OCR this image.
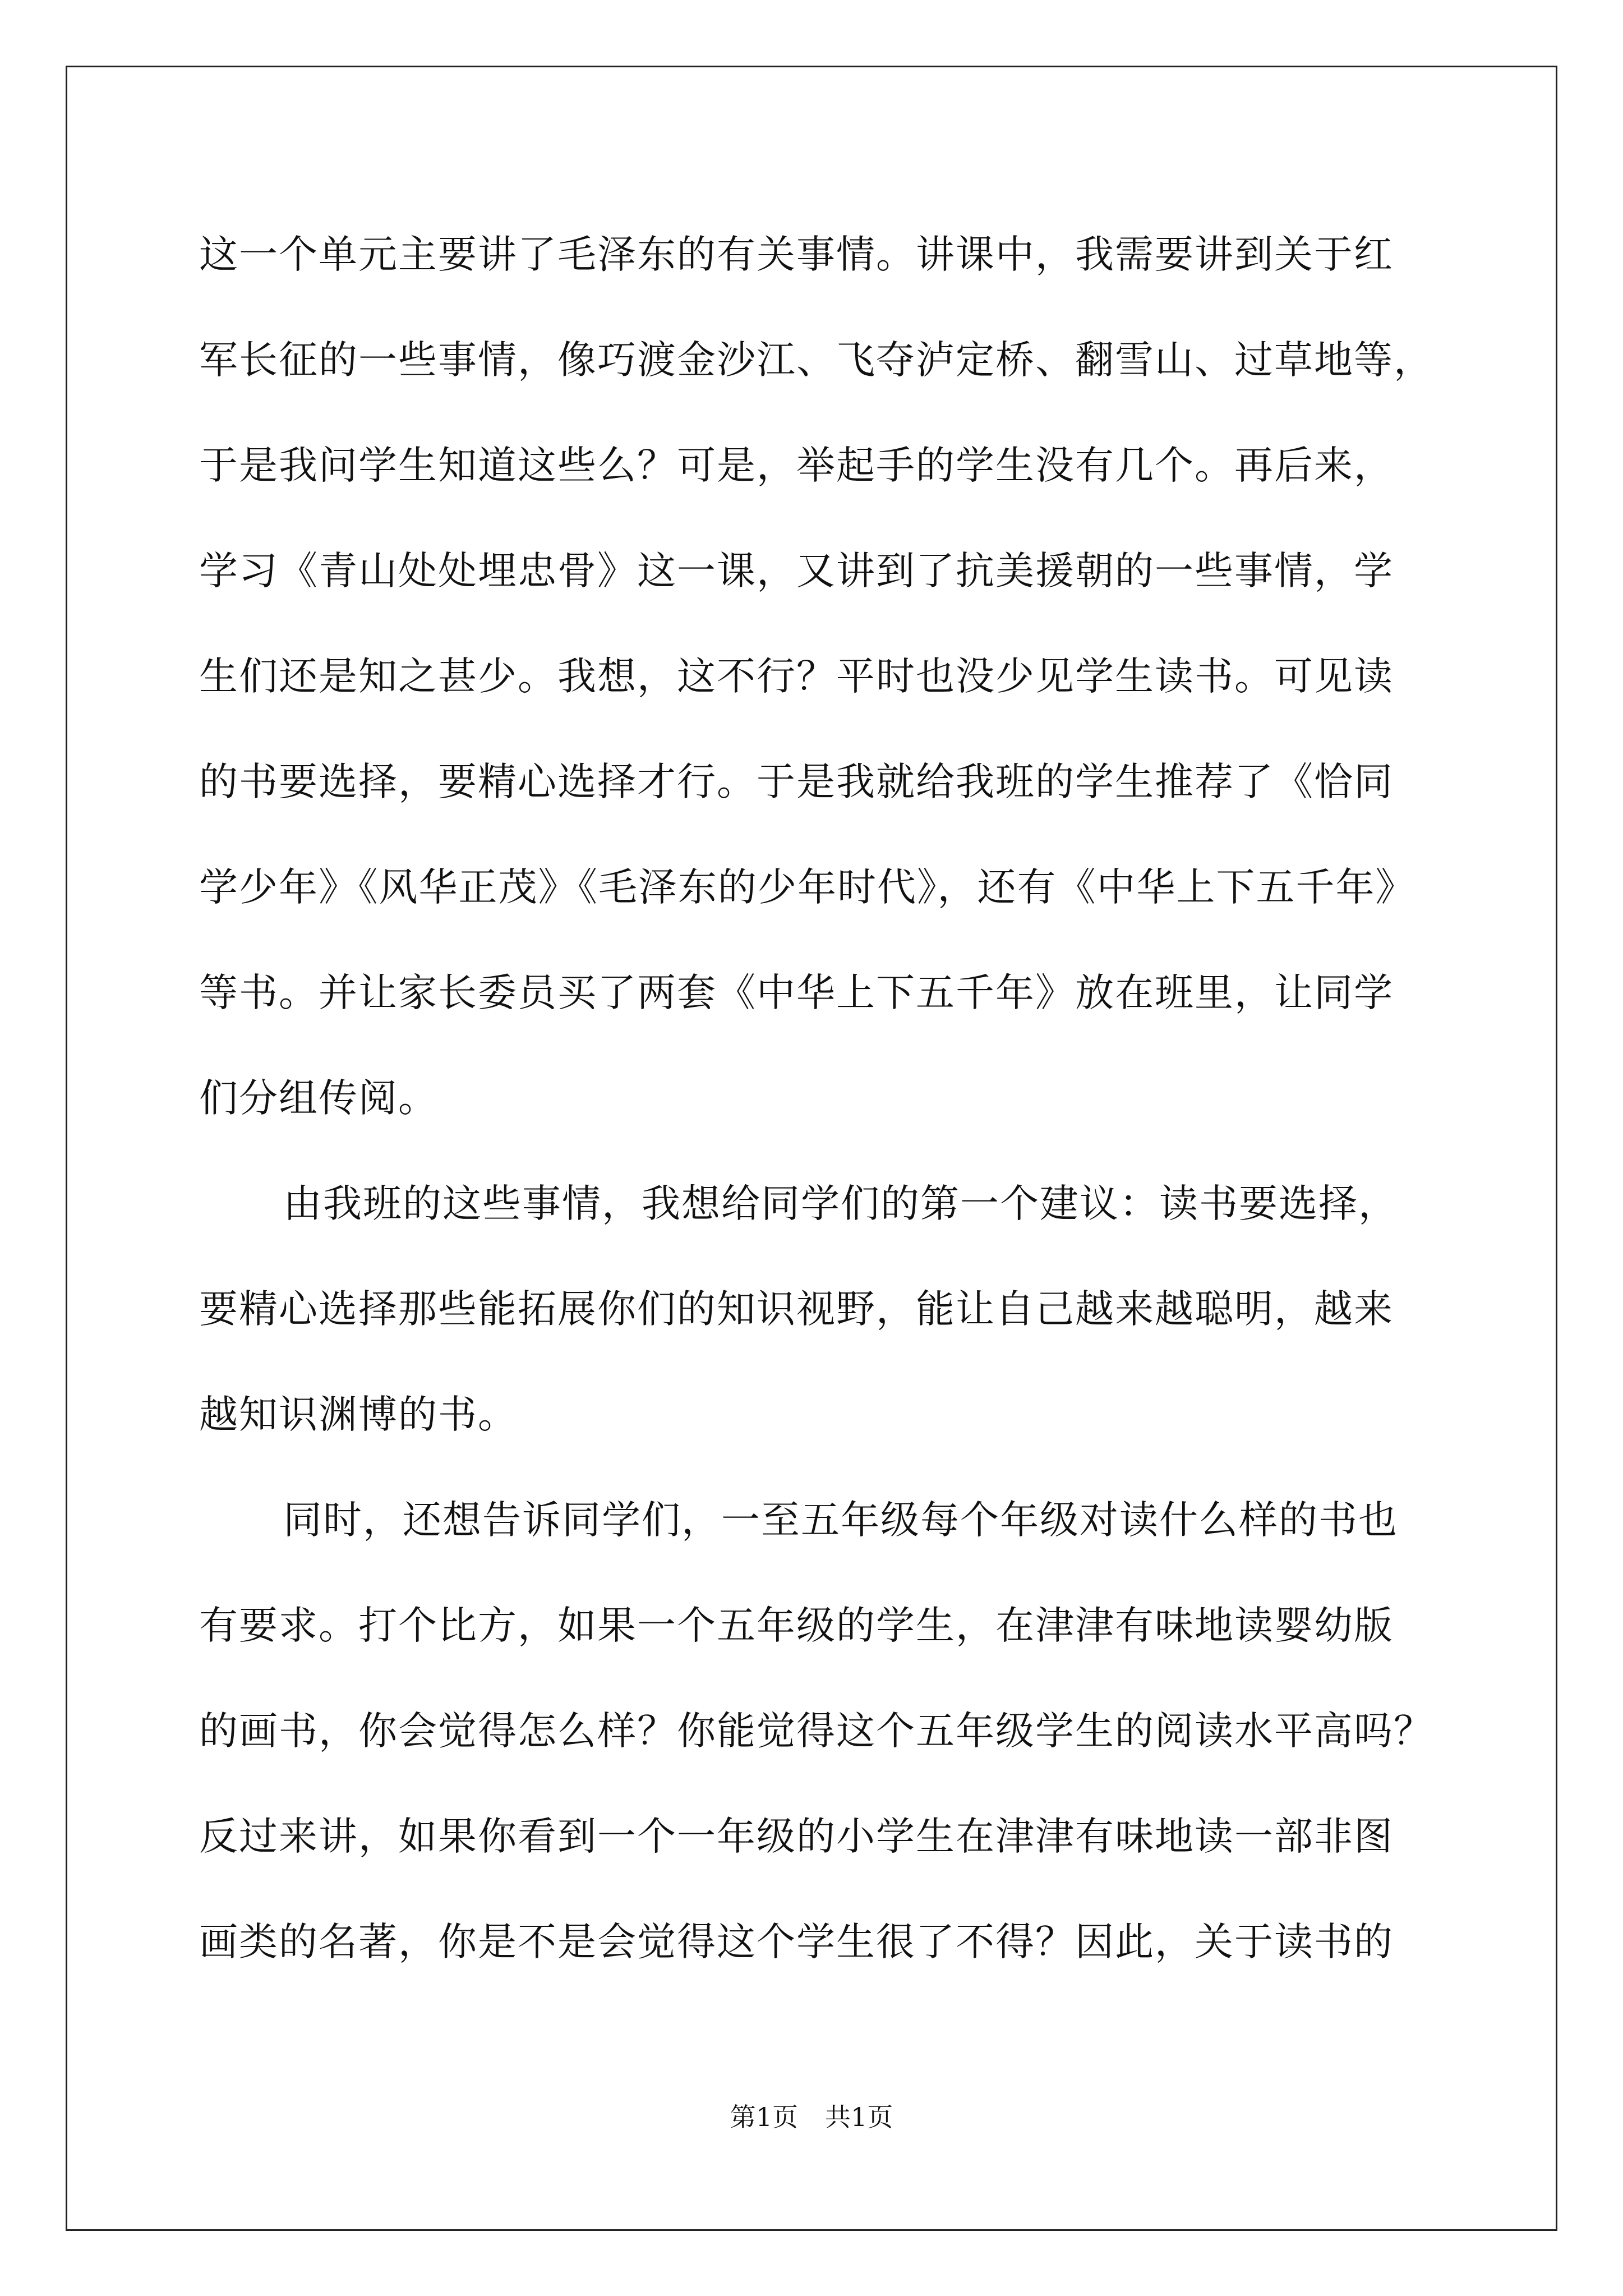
这一个单元主要讲了毛泽东的有关事情。讲课中，我需要讲到关于红
军长征的一些事情，像巧渡金沙江、飞夺泸定桥、翻雪山、过草地等，
于是我问学生知道这些么？可是，举起手的学生没有几个。再后来，
学习《青山处处埋忠骨》这一课，又讲到了抗美援朝的一些事情，学
生们还是知之甚少。我想，这不行？平时也没少见学生读书。可见读
的书要选择，要精心选择才行。于是我就给我班的学生推荐了《恰同
学少年》《风华正茂》《毛泽东的少年时代》，还有《中华上下五千年》
等书。并让家长委员买了两套《中华上下五千年》放在班里，让同学
们分组传阅。

由我班的这些事情，我想给同学们的第一个建议：读书要选择，
要精心选择那些能拓展你们的知识视野，能让自己越来越聪明，越来
越知识渊博的书。

同时，还想告诉同学们，一至五年级每个年级对读什么样的书也
有要求。打个比方，如果一个五年级的学生，在津津有味地读婴幼版
的画书，你会觉得怎么样？你能觉得这个五年级学生的阅读水平高吗？
反过来讲，如果你看到一个一年级的小学生在津津有味地读一部非图
画类的名著，你是不是会觉得这个学生很了不得？因此，关于读书的

第1页 共1页
